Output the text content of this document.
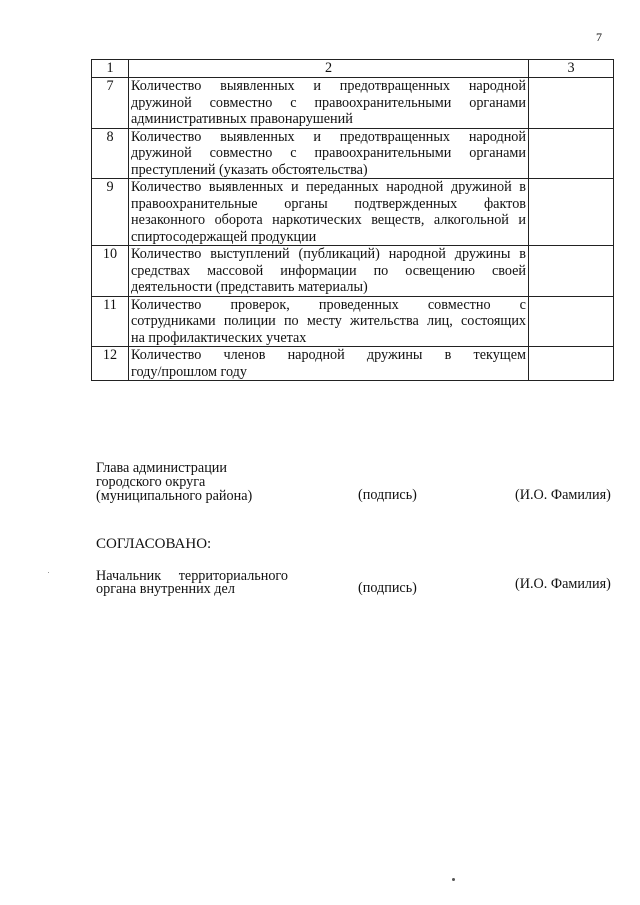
7
1	2	3
7	Количество выявленных и предотвращенных народной
дружиной совместно с правоохранительными органами
административных правонарушений	

8	Количество выявленных и предотвращенных народной
дружиной совместно с правоохранительными органами
преступлений (указать обстоятельства)	

9	Количество выявленных и переданных народной дружиной в
правоохранительные органы подтвержденных фактов
незаконного оборота наркотических веществ, алкогольной и
спиртосодержащей продукции	

10	Количество выступлений (публикаций) народной дружины в
средствах массовой информации по освещению своей
деятельности (представить материалы)	

11	Количество проверок, проведенных совместно с
сотрудниками полиции по месту жительства лиц, состоящих
на профилактических учетах	

12	Количество членов народной дружины в текущем
году/прошлом году	

Глава администрации
городского округа
(муниципального района)	(подпись)	(И.О. Фамилия)
СОГЛАСОВАНО:
Начальник территориального
органа внутренних дел	(подпись)	(И.О. Фамилия)
